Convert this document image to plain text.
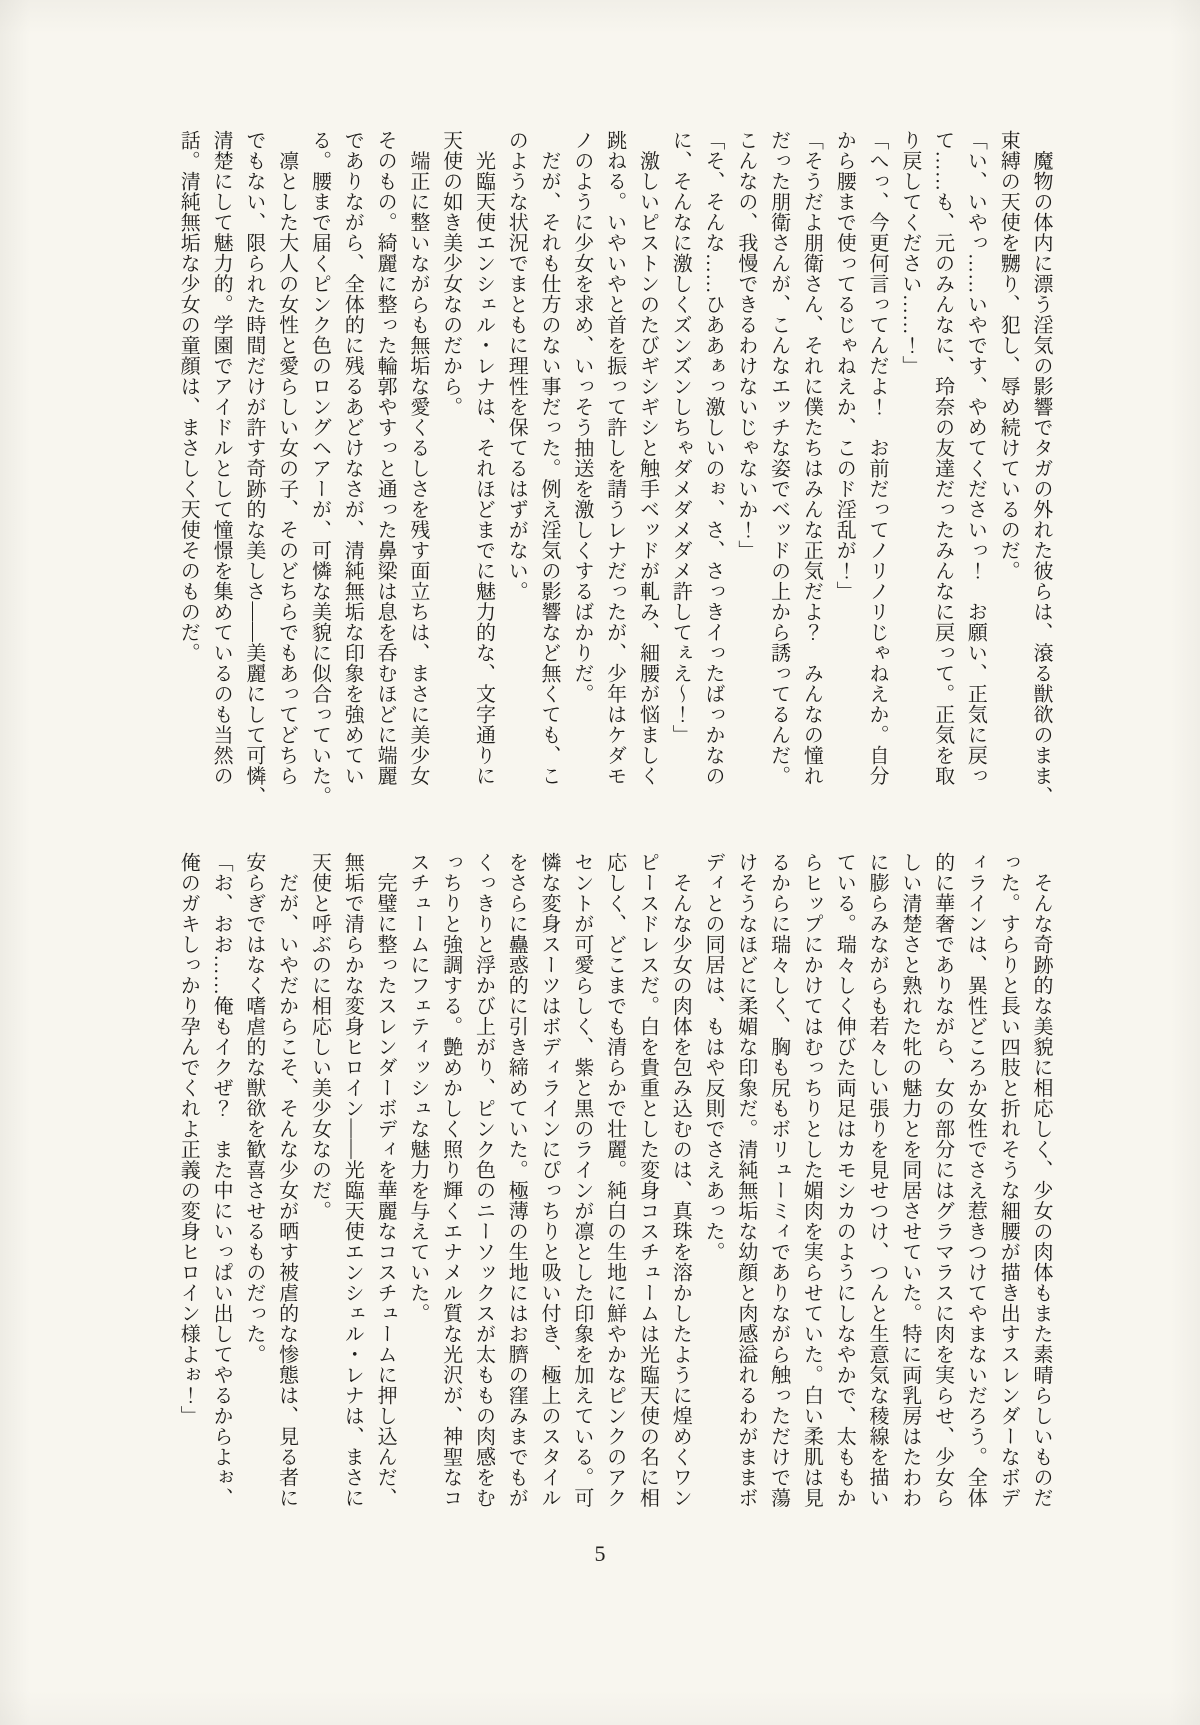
　魔物の体内に漂う淫気の影響でタガの外れた彼らは、滾る獣欲のまま、
束縛の天使を嬲り、犯し、辱め続けているのだ。
「い、いやっ……いやです、やめてくださいっ！　お願い、正気に戻っ
て……も、元のみんなに、玲奈の友達だったみんなに戻って。正気を取
り戻してください……！」
「へっ、今更何言ってんだよ！　お前だってノリノリじゃねえか。自分
から腰まで使ってるじゃねえか、このド淫乱が！」
「そうだよ朋衛さん、それに僕たちはみんな正気だよ？　みんなの憧れ
だった朋衛さんが、こんなエッチな姿でベッドの上から誘ってるんだ。
こんなの、我慢できるわけないじゃないか！」
「そ、そんな……ひああぁっ激しいのぉ、さ、さっきイったばっかなの
に、そんなに激しくズンズンしちゃダメダメダメ許してぇえ～！」
　激しいピストンのたびギシギシと触手ベッドが軋み、細腰が悩ましく
跳ねる。いやいやと首を振って許しを請うレナだったが、少年はケダモ
ノのように少女を求め、いっそう抽送を激しくするばかりだ。
　だが、それも仕方のない事だった。例え淫気の影響など無くても、こ
のような状況でまともに理性を保てるはずがない。
　光臨天使エンシェル・レナは、それほどまでに魅力的な、文字通りに
天使の如き美少女なのだから。
　端正に整いながらも無垢な愛くるしさを残す面立ちは、まさに美少女
そのもの。綺麗に整った輪郭やすっと通った鼻梁は息を呑むほどに端麗
でありながら、全体的に残るあどけなさが、清純無垢な印象を強めてい
る。腰まで届くピンク色のロングヘアーが、可憐な美貌に似合っていた。
　凛とした大人の女性と愛らしい女の子、そのどちらでもあってどちら
でもない、限られた時間だけが許す奇跡的な美しさ——美麗にして可憐、
清楚にして魅力的。学園でアイドルとして憧憬を集めているのも当然の
話。清純無垢な少女の童顔は、まさしく天使そのものだ。
　そんな奇跡的な美貌に相応しく、少女の肉体もまた素晴らしいものだ
った。すらりと長い四肢と折れそうな細腰が描き出すスレンダーなボデ
ィラインは、異性どころか女性でさえ惹きつけてやまないだろう。全体
的に華奢でありながら、女の部分にはグラマラスに肉を実らせ、少女ら
しい清楚さと熟れた牝の魅力とを同居させていた。特に両乳房はたわわ
に膨らみながらも若々しい張りを見せつけ、つんと生意気な稜線を描い
ている。瑞々しく伸びた両足はカモシカのようにしなやかで、太ももか
らヒップにかけてはむっちりとした媚肉を実らせていた。白い柔肌は見
るからに瑞々しく、胸も尻もボリューミィでありながら触っただけで蕩
けそうなほどに柔媚な印象だ。清純無垢な幼顔と肉感溢れるわがままボ
ディとの同居は、もはや反則でさえあった。
　そんな少女の肉体を包み込むのは、真珠を溶かしたように煌めくワン
ピースドレスだ。白を貴重とした変身コスチュームは光臨天使の名に相
応しく、どこまでも清らかで壮麗。純白の生地に鮮やかなピンクのアク
セントが可愛らしく、紫と黒のラインが凛とした印象を加えている。可
憐な変身スーツはボディラインにぴっちりと吸い付き、極上のスタイル
をさらに蠱惑的に引き締めていた。極薄の生地にはお臍の窪みまでもが
くっきりと浮かび上がり、ピンク色のニーソックスが太ももの肉感をむ
っちりと強調する。艶めかしく照り輝くエナメル質な光沢が、神聖なコ
スチュームにフェティッシュな魅力を与えていた。
　完璧に整ったスレンダーボディを華麗なコスチュームに押し込んだ、
無垢で清らかな変身ヒロイン——光臨天使エンシェル・レナは、まさに
天使と呼ぶのに相応しい美少女なのだ。
　だが、いやだからこそ、そんな少女が晒す被虐的な惨態は、見る者に
安らぎではなく嗜虐的な獣欲を歓喜させるものだった。
「お、おお……俺もイクぜ？　また中にいっぱい出してやるからよぉ、
俺のガキしっかり孕んでくれよ正義の変身ヒロイン様よぉ！」
5
